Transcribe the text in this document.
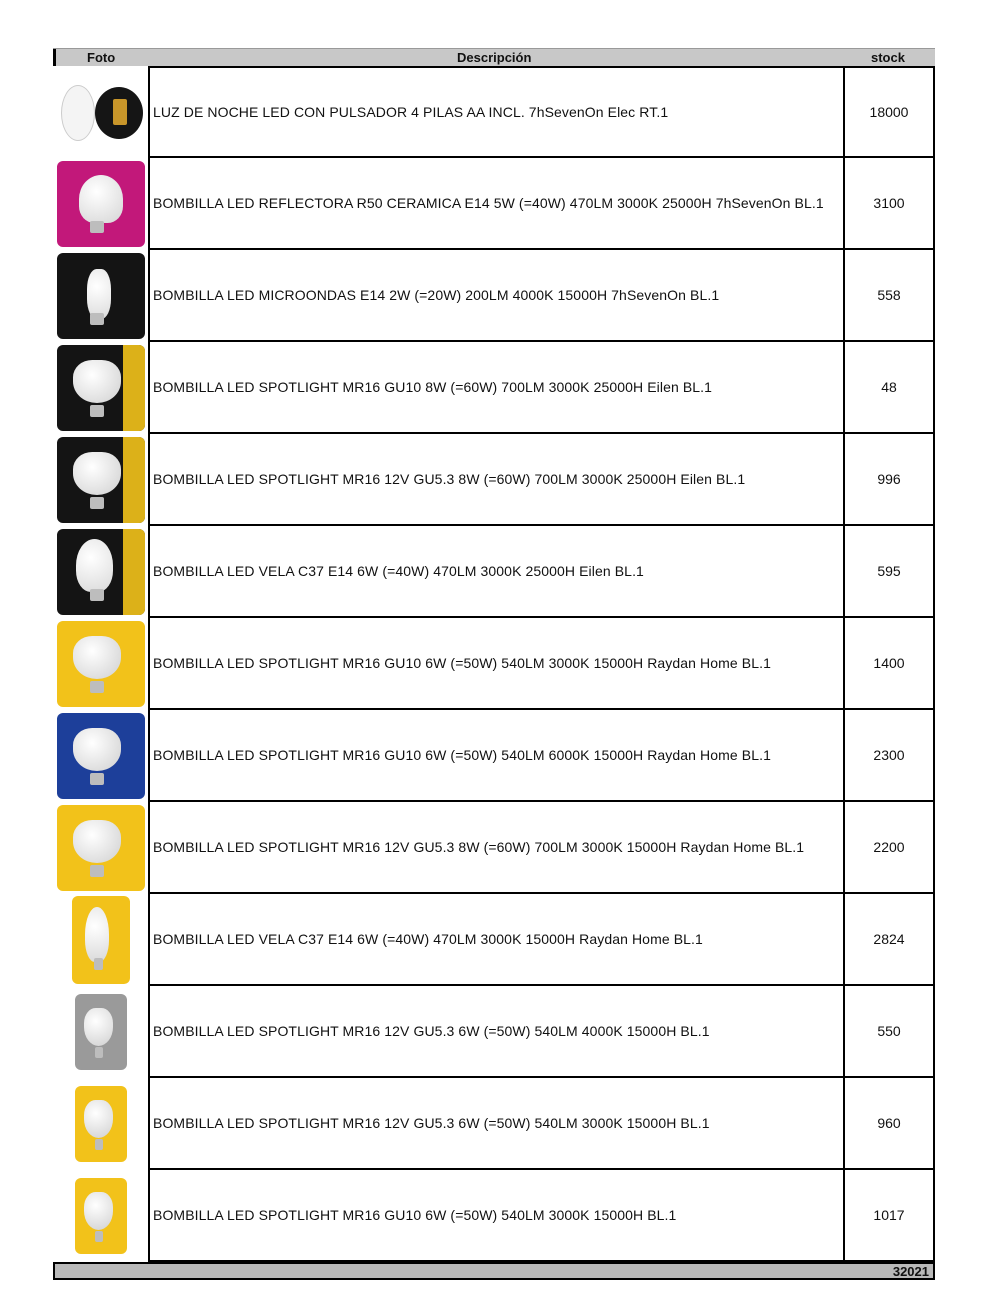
Foto	Descripción	stock
LUZ DE NOCHE LED CON PULSADOR 4 PILAS AA INCL. 7hSevenOn Elec RT.1	18000
BOMBILLA LED REFLECTORA R50 CERAMICA E14 5W (=40W) 470LM 3000K 25000H 7hSevenOn BL.1	3100
BOMBILLA LED MICROONDAS E14 2W (=20W) 200LM 4000K 15000H 7hSevenOn BL.1	558
BOMBILLA LED SPOTLIGHT MR16 GU10 8W (=60W) 700LM 3000K 25000H Eilen BL.1	48
BOMBILLA LED SPOTLIGHT MR16 12V GU5.3 8W (=60W) 700LM 3000K 25000H Eilen BL.1	996
BOMBILLA LED VELA C37 E14 6W (=40W) 470LM 3000K 25000H Eilen BL.1	595
BOMBILLA LED SPOTLIGHT MR16 GU10 6W (=50W) 540LM 3000K 15000H Raydan Home BL.1	1400
BOMBILLA LED SPOTLIGHT MR16 GU10 6W (=50W) 540LM 6000K 15000H Raydan Home BL.1	2300
BOMBILLA LED SPOTLIGHT MR16 12V GU5.3 8W (=60W) 700LM 3000K 15000H Raydan Home BL.1	2200
BOMBILLA LED VELA C37 E14 6W (=40W) 470LM 3000K 15000H Raydan Home BL.1	2824
BOMBILLA LED SPOTLIGHT MR16 12V GU5.3 6W (=50W) 540LM 4000K 15000H BL.1	550
BOMBILLA LED SPOTLIGHT MR16 12V GU5.3 6W (=50W) 540LM 3000K 15000H BL.1	960
BOMBILLA LED SPOTLIGHT MR16 GU10 6W (=50W) 540LM 3000K 15000H BL.1	1017
32021
